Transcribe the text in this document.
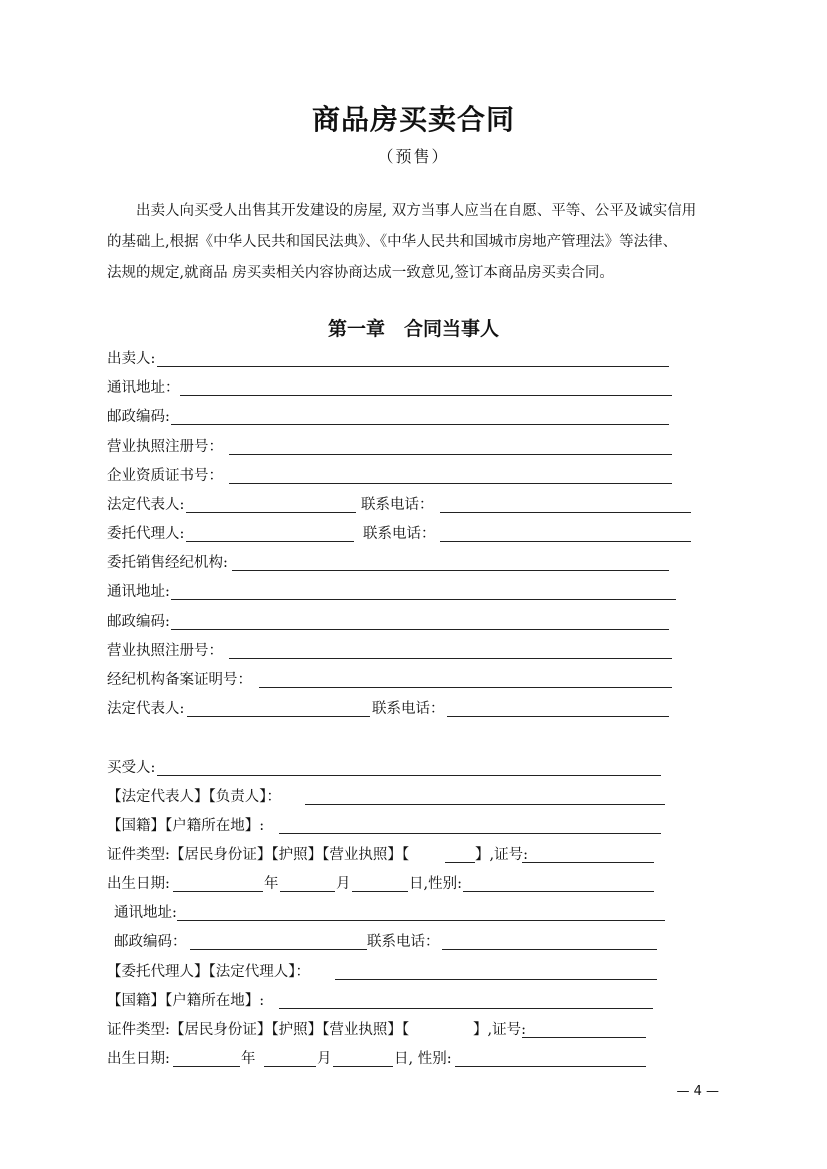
商品房买卖合同
（预售）
出卖人向买受人出售其开发建设的房屋, 双方当事人应当在自愿、平等、公平及诚实信用
的基础上,根据《中华人民共和国民法典》、《中华人民共和国城市房地产管理法》等法律、
法规的规定,就商品 房买卖相关内容协商达成一致意见,签订本商品房买卖合同。
第一章　合同当事人
出卖人:
通讯地址：
邮政编码:
营业执照注册号：
企业资质证书号：
法定代表人:	联系电话：
委托代理人:	联系电话：
委托销售经纪机构:
通讯地址:
邮政编码:
营业执照注册号：
经纪机构备案证明号：
法定代表人:	联系电话：
买受人:
【法定代表人】【负责人】：
【国籍】【户籍所在地】:
证件类型:【居民身份证】【护照】【营业执照】【	】,证号:
出生日期:	年	月	日,性别:
通讯地址:
邮政编码：	联系电话：
【委托代理人】【法定代理人】：
【国籍】【户籍所在地】:
证件类型:【居民身份证】【护照】【营业执照】【	】,证号:
出生日期:	年	月	日, 性别:
— 4 —
